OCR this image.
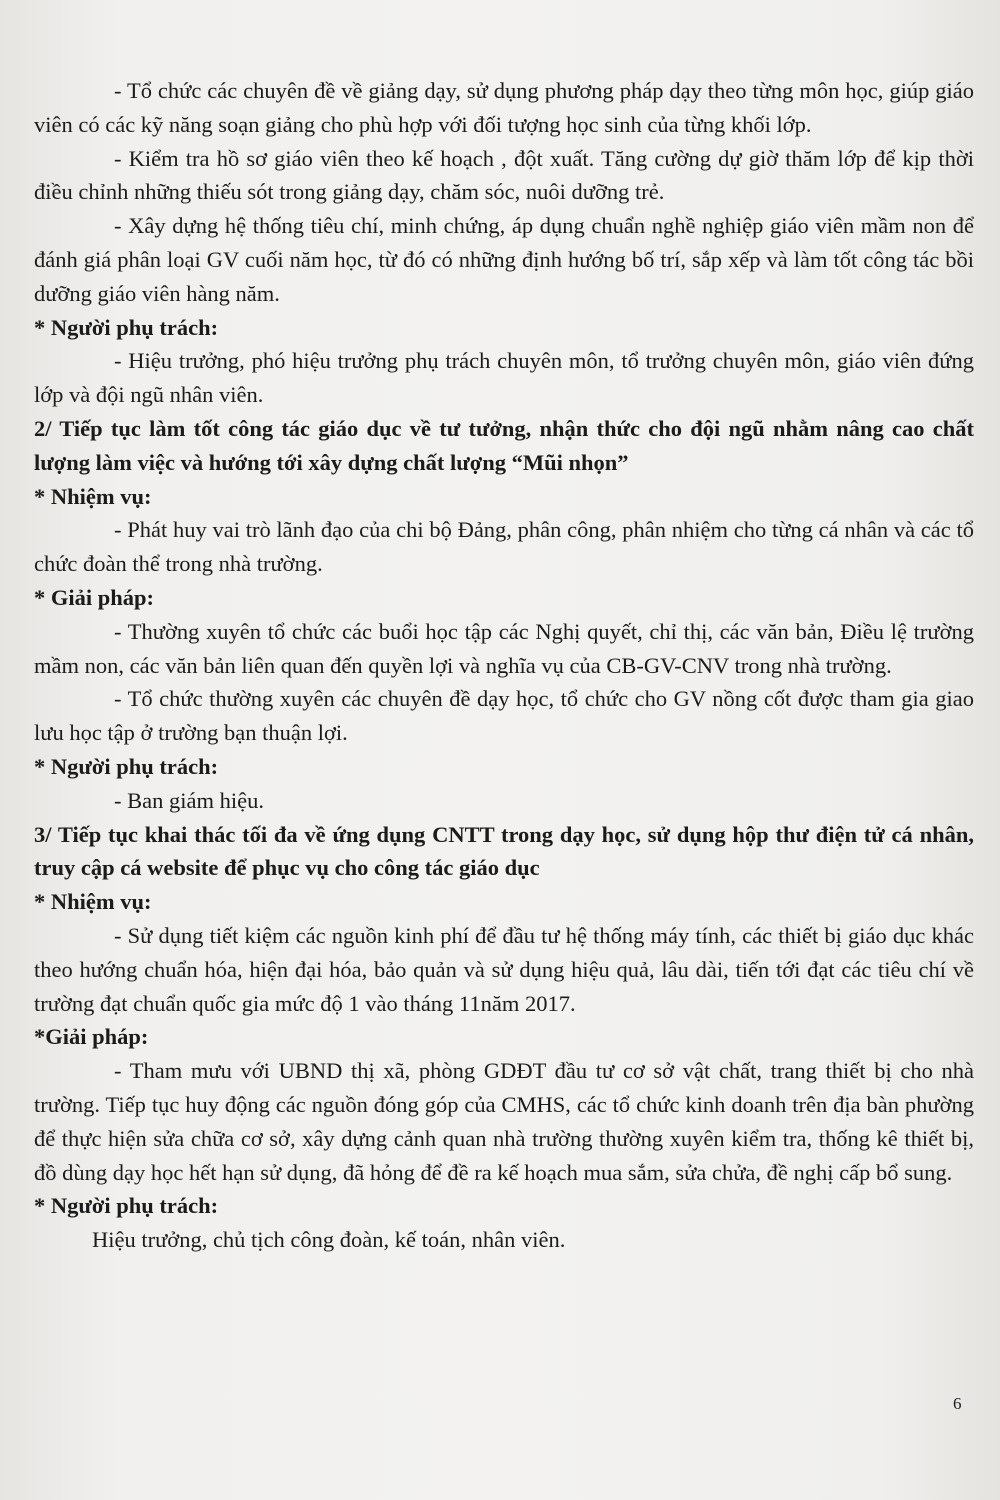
- Tổ chức các chuyên đề về giảng dạy, sử dụng phương pháp dạy theo từng môn học, giúp giáo viên có các kỹ năng soạn giảng cho phù hợp với đối tượng học sinh của từng khối lớp.

- Kiểm tra hồ sơ giáo viên theo kế hoạch , đột xuất. Tăng cường dự giờ thăm lớp để kịp thời điều chỉnh những thiếu sót trong giảng dạy, chăm sóc, nuôi dưỡng trẻ.

- Xây dựng hệ thống tiêu chí, minh chứng, áp dụng chuẩn nghề nghiệp giáo viên mầm non để đánh giá phân loại GV cuối năm học, từ đó có những định hướng bố trí, sắp xếp và làm tốt công tác bồi dưỡng giáo viên hàng năm.

* Người phụ trách:

- Hiệu trưởng, phó hiệu trưởng phụ trách chuyên môn, tổ trưởng chuyên môn, giáo viên đứng lớp và đội ngũ nhân viên.

2/ Tiếp tục làm tốt công tác giáo dục về tư tưởng, nhận thức cho đội ngũ nhằm nâng cao chất lượng làm việc và hướng tới xây dựng chất lượng “Mũi nhọn”

* Nhiệm vụ:

- Phát huy vai trò lãnh đạo của chi bộ Đảng, phân công, phân nhiệm cho từng cá nhân và các tổ chức đoàn thể trong nhà trường.

* Giải pháp:

- Thường xuyên tổ chức các buổi học tập các Nghị quyết, chỉ thị, các văn bản, Điều lệ trường mầm non, các văn bản liên quan đến quyền lợi và nghĩa vụ của CB-GV-CNV trong nhà trường.

- Tổ chức thường xuyên các chuyên đề dạy học, tổ chức cho GV nồng cốt được tham gia giao lưu học tập ở trường bạn thuận lợi.

* Người phụ trách:

- Ban giám hiệu.

3/ Tiếp tục khai thác tối đa về ứng dụng CNTT trong dạy học, sử dụng hộp thư điện tử cá nhân, truy cập cá website để phục vụ cho công tác giáo dục

* Nhiệm vụ:

- Sử dụng tiết kiệm các nguồn kinh phí để đầu tư hệ thống máy tính, các thiết bị giáo dục khác theo hướng chuẩn hóa, hiện đại hóa, bảo quản và sử dụng hiệu quả, lâu dài, tiến tới đạt các tiêu chí về trường đạt chuẩn quốc gia mức độ 1 vào tháng 11năm 2017.

*Giải pháp:

- Tham mưu với UBND thị xã, phòng GDĐT đầu tư cơ sở vật chất, trang thiết bị cho nhà trường. Tiếp tục huy động các nguồn đóng góp của CMHS, các tổ chức kinh doanh trên địa bàn phường để thực hiện sửa chữa cơ sở, xây dựng cảnh quan nhà trường thường xuyên kiểm tra, thống kê thiết bị, đồ dùng dạy học hết hạn sử dụng, đã hỏng để đề ra kế hoạch mua sắm, sửa chửa, đề nghị cấp bổ sung.

* Người phụ trách:

Hiệu trưởng, chủ tịch công đoàn, kế toán, nhân viên.

6
